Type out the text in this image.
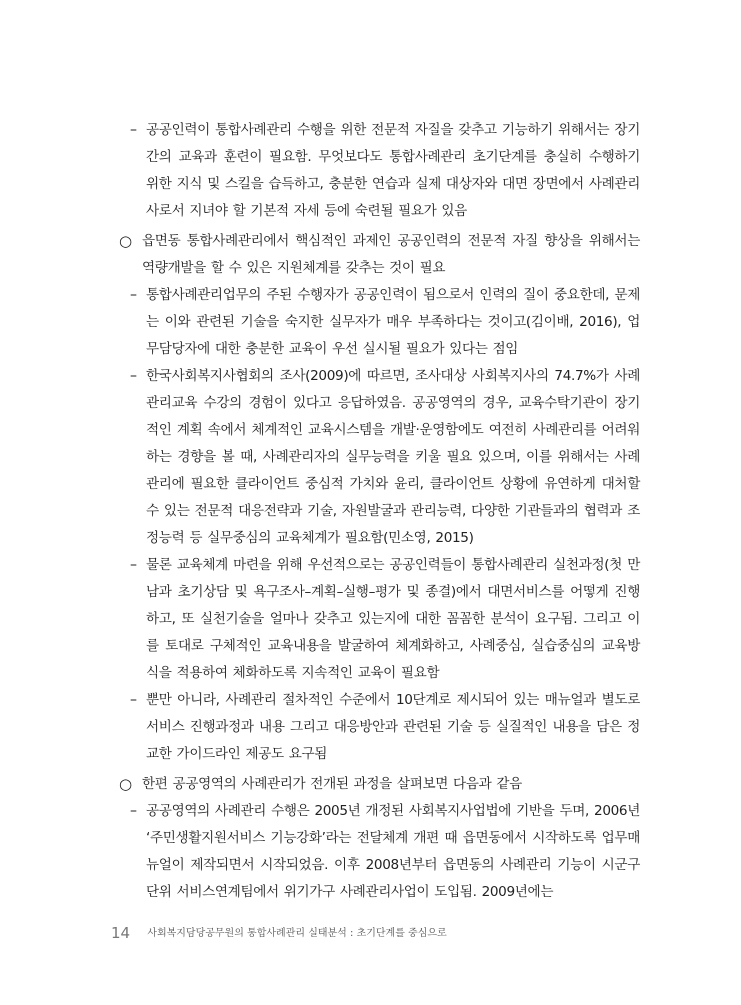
– 공공인력이 통합사례관리 수행을 위한 전문적 자질을 갖추고 기능하기 위해서는 장기간의 교육과 훈련이 필요함. 무엇보다도 통합사례관리 초기단계를 충실히 수행하기 위한 지식 및 스킬을 습득하고, 충분한 연습과 실제 대상자와 대면 장면에서 사례관리사로서 지녀야 할 기본적 자세 등에 숙련될 필요가 있음
○ 읍면동 통합사례관리에서 핵심적인 과제인 공공인력의 전문적 자질 향상을 위해서는 역량개발을 할 수 있은 지원체계를 갖추는 것이 필요
– 통합사례관리업무의 주된 수행자가 공공인력이 됨으로서 인력의 질이 중요한데, 문제는 이와 관련된 기술을 숙지한 실무자가 매우 부족하다는 것이고(김이배, 2016), 업무담당자에 대한 충분한 교육이 우선 실시될 필요가 있다는 점임
– 한국사회복지사협회의 조사(2009)에 따르면, 조사대상 사회복지사의 74.7%가 사례관리교육 수강의 경험이 있다고 응답하였음. 공공영역의 경우, 교육수탁기관이 장기적인 계획 속에서 체계적인 교육시스템을 개발·운영함에도 여전히 사례관리를 어려워하는 경향을 볼 때, 사례관리자의 실무능력을 키울 필요 있으며, 이를 위해서는 사례관리에 필요한 클라이언트 중심적 가치와 윤리, 클라이언트 상황에 유연하게 대처할 수 있는 전문적 대응전략과 기술, 자원발굴과 관리능력, 다양한 기관들과의 협력과 조정능력 등 실무중심의 교육체계가 필요함(민소영, 2015)
– 물론 교육체계 마련을 위해 우선적으로는 공공인력들이 통합사례관리 실천과정(첫 만남과 초기상담 및 욕구조사–계획–실행–평가 및 종결)에서 대면서비스를 어떻게 진행하고, 또 실천기술을 얼마나 갖추고 있는지에 대한 꼼꼼한 분석이 요구됨. 그리고 이를 토대로 구체적인 교육내용을 발굴하여 체계화하고, 사례중심, 실습중심의 교육방식을 적용하여 체화하도록 지속적인 교육이 필요함
– 뿐만 아니라, 사례관리 절차적인 수준에서 10단계로 제시되어 있는 매뉴얼과 별도로 서비스 진행과정과 내용 그리고 대응방안과 관련된 기술 등 실질적인 내용을 담은 정교한 가이드라인 제공도 요구됨
○ 한편 공공영역의 사례관리가 전개된 과정을 살펴보면 다음과 같음
– 공공영역의 사례관리 수행은 2005년 개정된 사회복지사업법에 기반을 두며, 2006년 ‘주민생활지원서비스 기능강화’라는 전달체계 개편 때 읍면동에서 시작하도록 업무매뉴얼이 제작되면서 시작되었음. 이후 2008년부터 읍면동의 사례관리 기능이 시군구 단위 서비스연계팀에서 위기가구 사례관리사업이 도입됨. 2009년에는
14 사회복지담당공무원의 통합사례관리 실태분석 : 초기단계를 중심으로
